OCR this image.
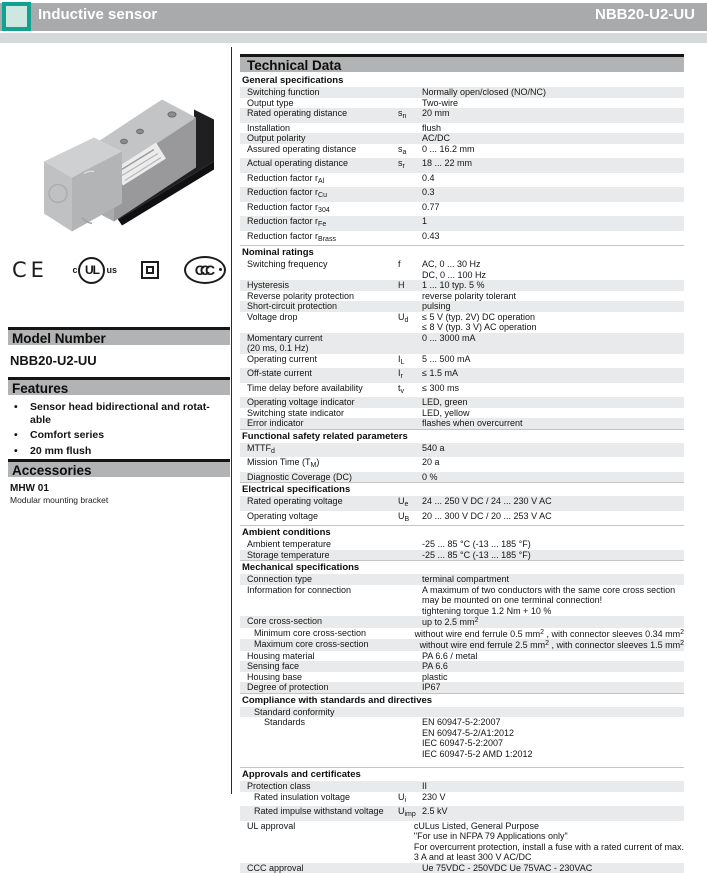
Inductive sensor	NBB20-U2-UU
CE	c UL us	CCC
Model Number
NBB20-U2-UU
Features
•	Sensor head bidirectional and rotat-
able
•	Comfort series
•	20 mm flush
Accessories
MHW 01
Modular mounting bracket
Technical Data
General specifications
Switching function	Normally open/closed (NO/NC)
Output type	Two-wire
Rated operating distance	$s_n$	20 mm
Installation	flush
Output polarity	AC/DC
Assured operating distance	$s_a$	0 ... 16.2 mm
Actual operating distance	$s_r$	18 ... 22 mm
Reduction factor $r_{Al}$	0.4
Reduction factor $r_{Cu}$	0.3
Reduction factor $r_{304}$	0.77
Reduction factor $r_{Fe}$	1
Reduction factor $r_{Brass}$	0.43
Nominal ratings
Switching frequency	f	AC, 0 ... 30 Hz
DC, 0 ... 100 Hz
Hysteresis	H	1 ... 10 typ. 5 %
Reverse polarity protection	reverse polarity tolerant
Short-circuit protection	pulsing
Voltage drop	$U_d$	≤ 5 V (typ. 2V) DC operation
≤ 8 V (typ. 3 V) AC operation
Momentary current
(20 ms, 0.1 Hz)
0 ... 3000 mA
Operating current	$I_L$	5 ... 500 mA
Off-state current	$I_r$	≤ 1.5 mA
Time delay before availability	$t_v$	≤ 300 ms
Operating voltage indicator	LED, green
Switching state indicator	LED, yellow
Error indicator	flashes when overcurrent
Functional safety related parameters
$MTTF_d$	540 a
Mission Time $(T_M)$	20 a
Diagnostic Coverage (DC)	0 %
Electrical specifications
Rated operating voltage	$U_e$	24 ... 250 V DC / 24 ... 230 V AC
Operating voltage	$U_B$	20 ... 300 V DC / 20 ... 253 V AC
Ambient conditions
Ambient temperature	-25 ... 85 °C (-13 ... 185 °F)
Storage temperature	-25 ... 85 °C (-13 ... 185 °F)
Mechanical specifications
Connection type	terminal compartment
Information for connection	A maximum of two conductors with the same core cross section
may be mounted on one terminal connection!
tightening torque 1.2 Nm + 10 %
Core cross-section	up to 2.5 $mm^2$
Minimum core cross-section	without wire end ferrule 0.5 $mm^2$ , with connector sleeves 0.34 $mm^2$
Maximum core cross-section	without wire end ferrule 2.5 $mm^2$ , with connector sleeves 1.5 $mm^2$
Housing material	PA 6.6 / metal
Sensing face	PA 6.6
Housing base	plastic
Degree of protection	IP67
Compliance with standards and directives
Standard conformity
Standards	EN 60947-5-2:2007
EN 60947-5-2/A1:2012
IEC 60947-5-2:2007
IEC 60947-5-2 AMD 1:2012
Approvals and certificates
Protection class	II
Rated insulation voltage	$U_i$	230 V
Rated impulse withstand voltage	$U_{imp}$ 2.5 kV
UL approval	cULus Listed, General Purpose
"For use in NFPA 79 Applications only"
For overcurrent protection, install a fuse with a rated current of max.
3 A and at least 300 V AC/DC
CCC approval	Ue 75VDC - 250VDC Ue 75VAC - 230VAC
